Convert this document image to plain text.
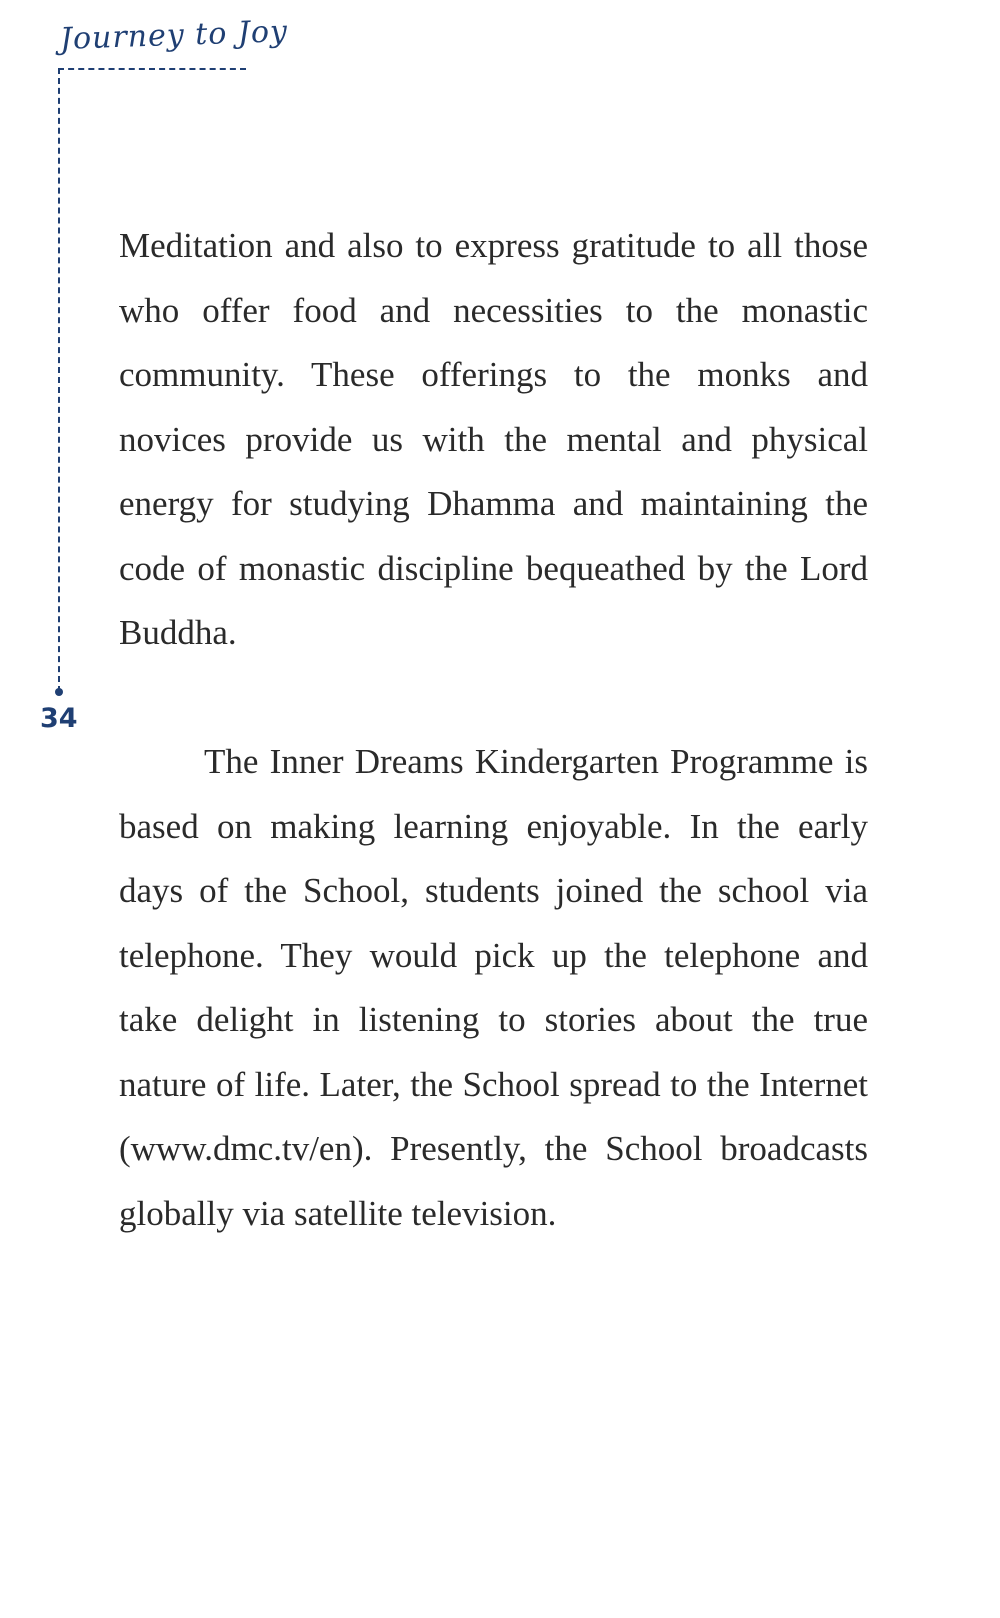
Journey to Joy
34

Meditation and also to express gratitude to all those who offer food and necessities to the monastic community. These offerings to the monks and novices provide us with the mental and physical energy for studying Dhamma and maintaining the code of monastic discipline bequeathed by the Lord Buddha.

The Inner Dreams Kindergarten Programme is based on making learning enjoyable. In the early days of the School, students joined the school via telephone. They would pick up the telephone and take delight in listening to stories about the true nature of life. Later, the School spread to the Internet (www.dmc.tv/en). Presently, the School broadcasts globally via satellite television.
